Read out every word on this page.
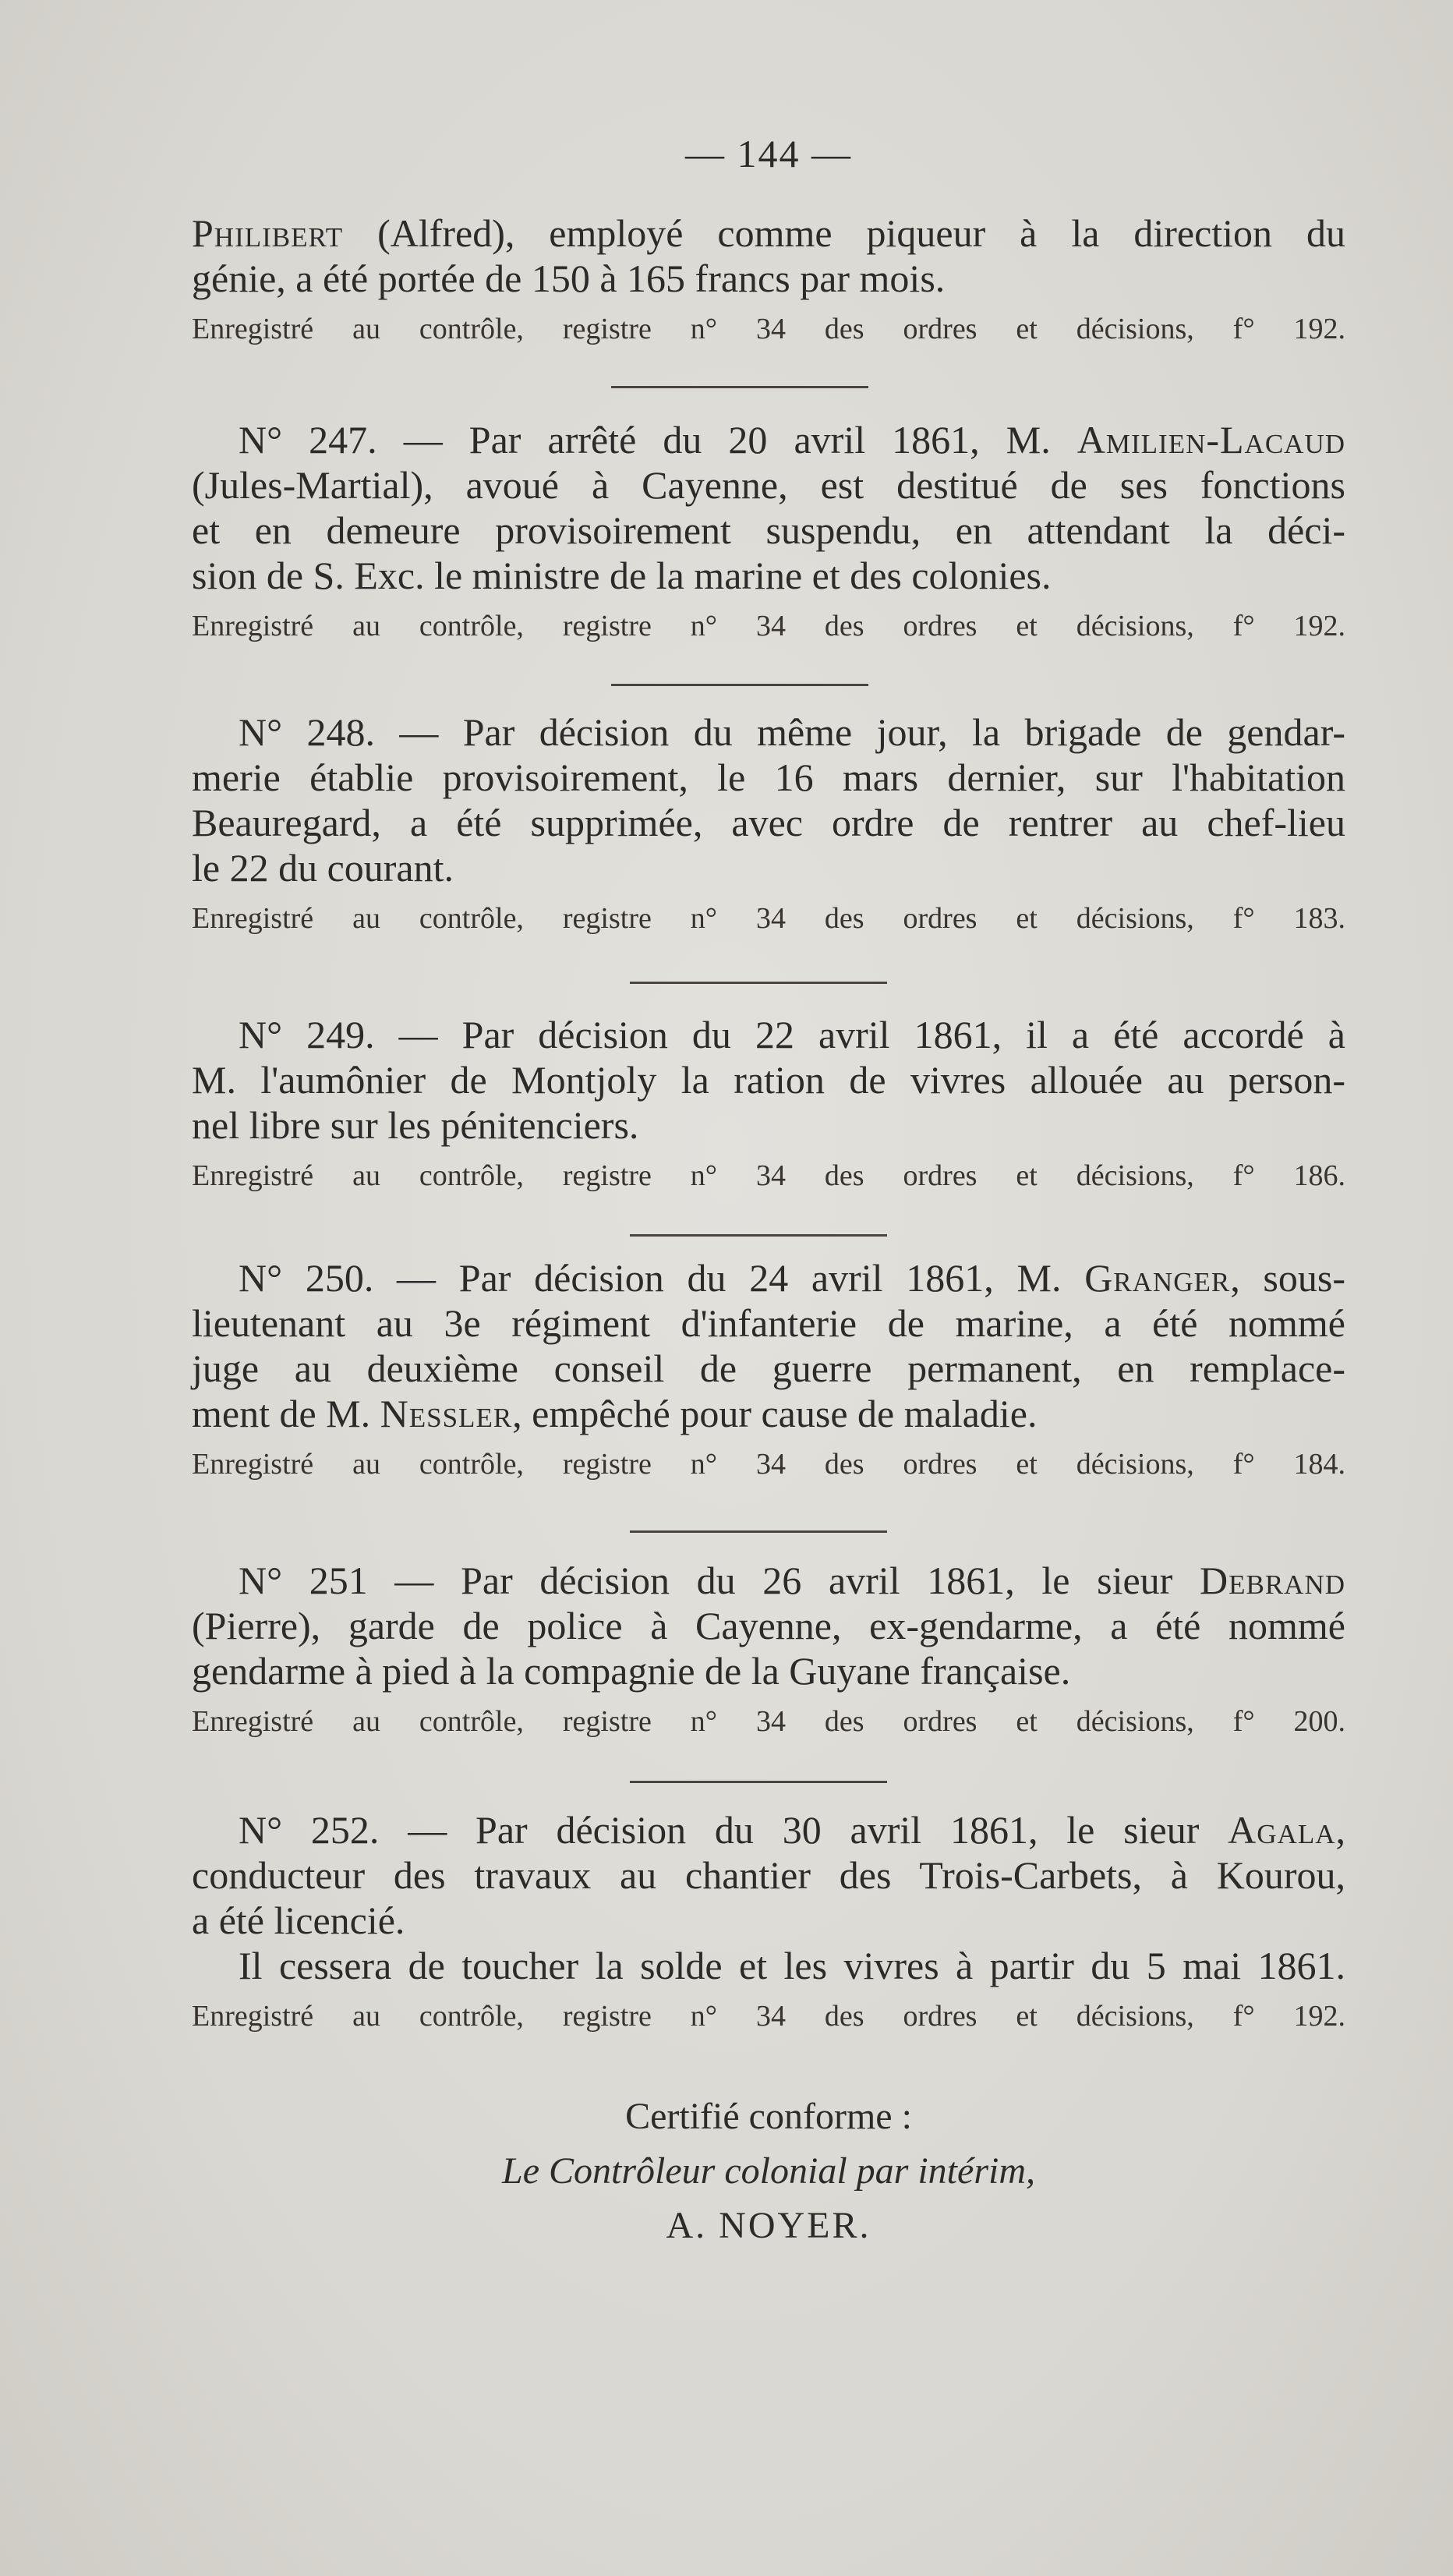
— 144 —
Philibert (Alfred), employé comme piqueur à la direction du
génie, a été portée de 150 à 165 francs par mois.
Enregistré au contrôle, registre n° 34 des ordres et décisions, f° 192.
N° 247. — Par arrêté du 20 avril 1861, M. Amilien-Lacaud
(Jules-Martial), avoué à Cayenne, est destitué de ses fonctions
et en demeure provisoirement suspendu, en attendant la déci-
sion de S. Exc. le ministre de la marine et des colonies.
Enregistré au contrôle, registre n° 34 des ordres et décisions, f° 192.
N° 248. — Par décision du même jour, la brigade de gendar-
merie établie provisoirement, le 16 mars dernier, sur l'habitation
Beauregard, a été supprimée, avec ordre de rentrer au chef-lieu
le 22 du courant.
Enregistré au contrôle, registre n° 34 des ordres et décisions, f° 183.
N° 249. — Par décision du 22 avril 1861, il a été accordé à
M. l'aumônier de Montjoly la ration de vivres allouée au person-
nel libre sur les pénitenciers.
Enregistré au contrôle, registre n° 34 des ordres et décisions, f° 186.
N° 250. — Par décision du 24 avril 1861, M. Granger, sous-
lieutenant au 3e régiment d'infanterie de marine, a été nommé
juge au deuxième conseil de guerre permanent, en remplace-
ment de M. Nessler, empêché pour cause de maladie.
Enregistré au contrôle, registre n° 34 des ordres et décisions, f° 184.
N° 251 — Par décision du 26 avril 1861, le sieur Debrand
(Pierre), garde de police à Cayenne, ex-gendarme, a été nommé
gendarme à pied à la compagnie de la Guyane française.
Enregistré au contrôle, registre n° 34 des ordres et décisions, f° 200.
N° 252. — Par décision du 30 avril 1861, le sieur Agala,
conducteur des travaux au chantier des Trois-Carbets, à Kourou,
a été licencié.
Il cessera de toucher la solde et les vivres à partir du 5 mai 1861.
Enregistré au contrôle, registre n° 34 des ordres et décisions, f° 192.
Certifié conforme :
Le Contrôleur colonial par intérim,
A. NOYER.
